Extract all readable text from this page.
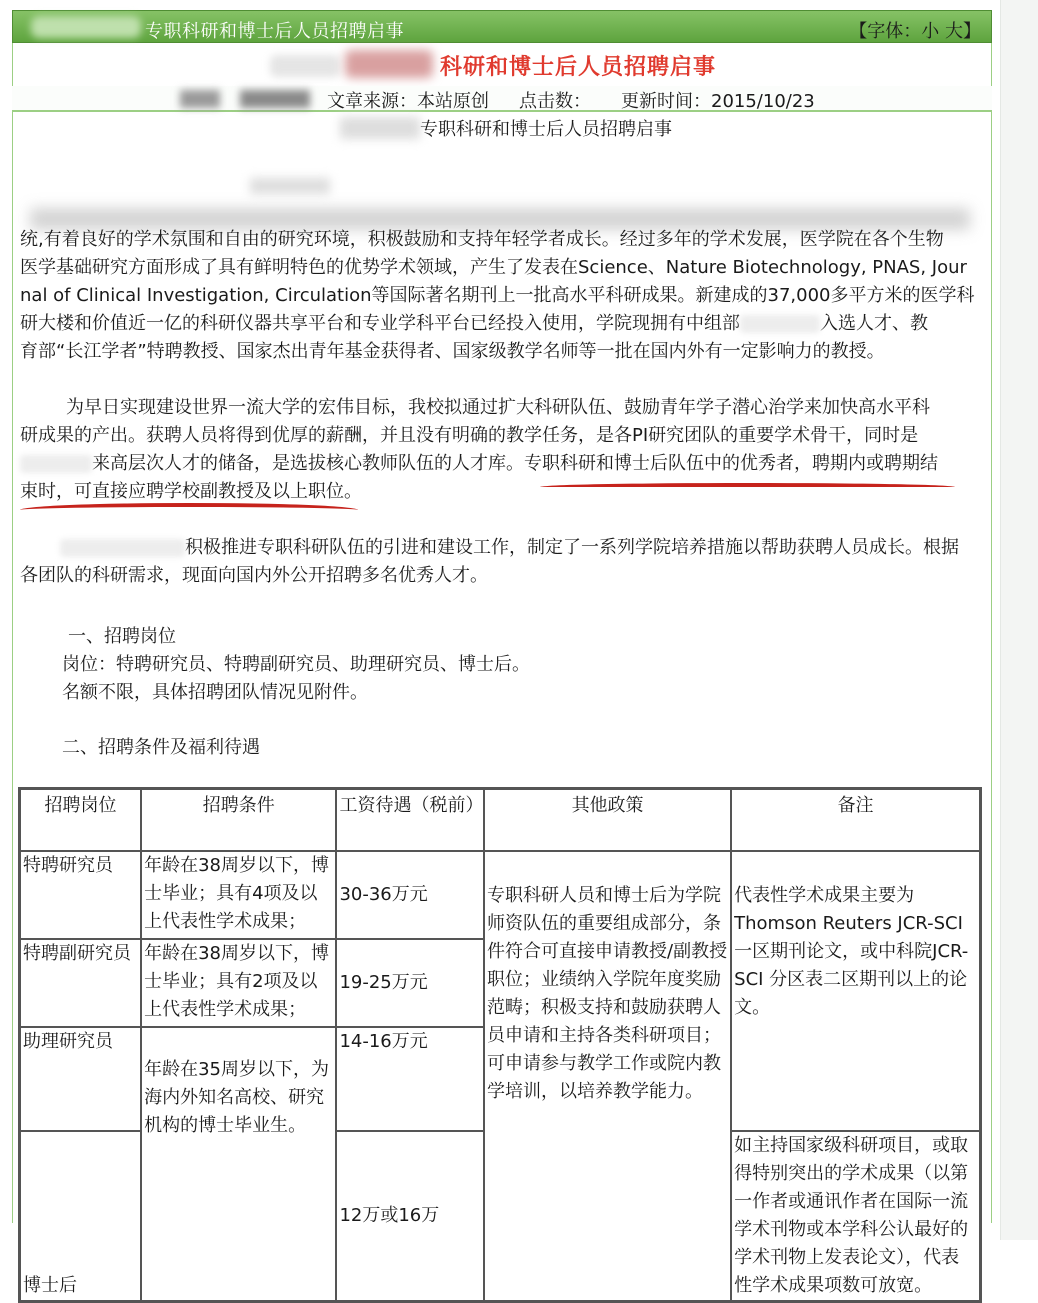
专职科研和博士后人员招聘启事	【字体：小 大】
科研和博士后人员招聘启事
文章来源：本站原创 点击数： 更新时间：2015/10/23
专职科研和博士后人员招聘启事
统,有着良好的学术氛围和自由的研究环境，积极鼓励和支持年轻学者成长。经过多年的学术发展，医学院在各个生物
医学基础研究方面形成了具有鲜明特色的优势学术领域，产生了发表在Science、Nature Biotechnology, PNAS, Jour
nal of Clinical Investigation, Circulation等国际著名期刊上一批高水平科研成果。新建成的37,000多平方米的医学科
研大楼和价值近一亿的科研仪器共享平台和专业学科平台已经投入使用，学院现拥有中组部	入选人才、教
育部“长江学者”特聘教授、国家杰出青年基金获得者、国家级教学名师等一批在国内外有一定影响力的教授。
为早日实现建设世界一流大学的宏伟目标，我校拟通过扩大科研队伍、鼓励青年学子潜心治学来加快高水平科
研成果的产出。获聘人员将得到优厚的薪酬，并且没有明确的教学任务，是各PI研究团队的重要学术骨干，同时是
来高层次人才的储备，是选拔核心教师队伍的人才库。专职科研和博士后队伍中的优秀者，聘期内或聘期结
束时，可直接应聘学校副教授及以上职位。
积极推进专职科研队伍的引进和建设工作，制定了一系列学院培养措施以帮助获聘人员成长。根据
各团队的科研需求，现面向国内外公开招聘多名优秀人才。
一、招聘岗位
岗位：特聘研究员、特聘副研究员、助理研究员、博士后。
名额不限，具体招聘团队情况见附件。
二、招聘条件及福利待遇
招聘岗位	招聘条件	工资待遇（税前）	其他政策	备注
特聘研究员	年龄在38周岁以下，博士毕业；具有4项及以上代表性学术成果；	30-36万元	专职科研人员和博士后为学院师资队伍的重要组成部分，条件符合可直接申请教授/副教授职位；业绩纳入学院年度奖励范畴；积极支持和鼓励获聘人员申请和主持各类科研项目；可申请参与教学工作或院内教学培训，以培养教学能力。	代表性学术成果主要为Thomson Reuters JCR-SCI 一区期刊论文，或中科院JCR-SCI 分区表二区期刊以上的论文。
特聘副研究员	年龄在38周岁以下，博士毕业；具有2项及以上代表性学术成果；	19-25万元		
助理研究员	年龄在35周岁以下，为海内外知名高校、研究机构的博士毕业生。	14-16万元		
博士后		12万或16万		如主持国家级科研项目，或取得特别突出的学术成果（以第一作者或通讯作者在国际一流学术刊物或本学科公认最好的学术刊物上发表论文），代表性学术成果项数可放宽。
